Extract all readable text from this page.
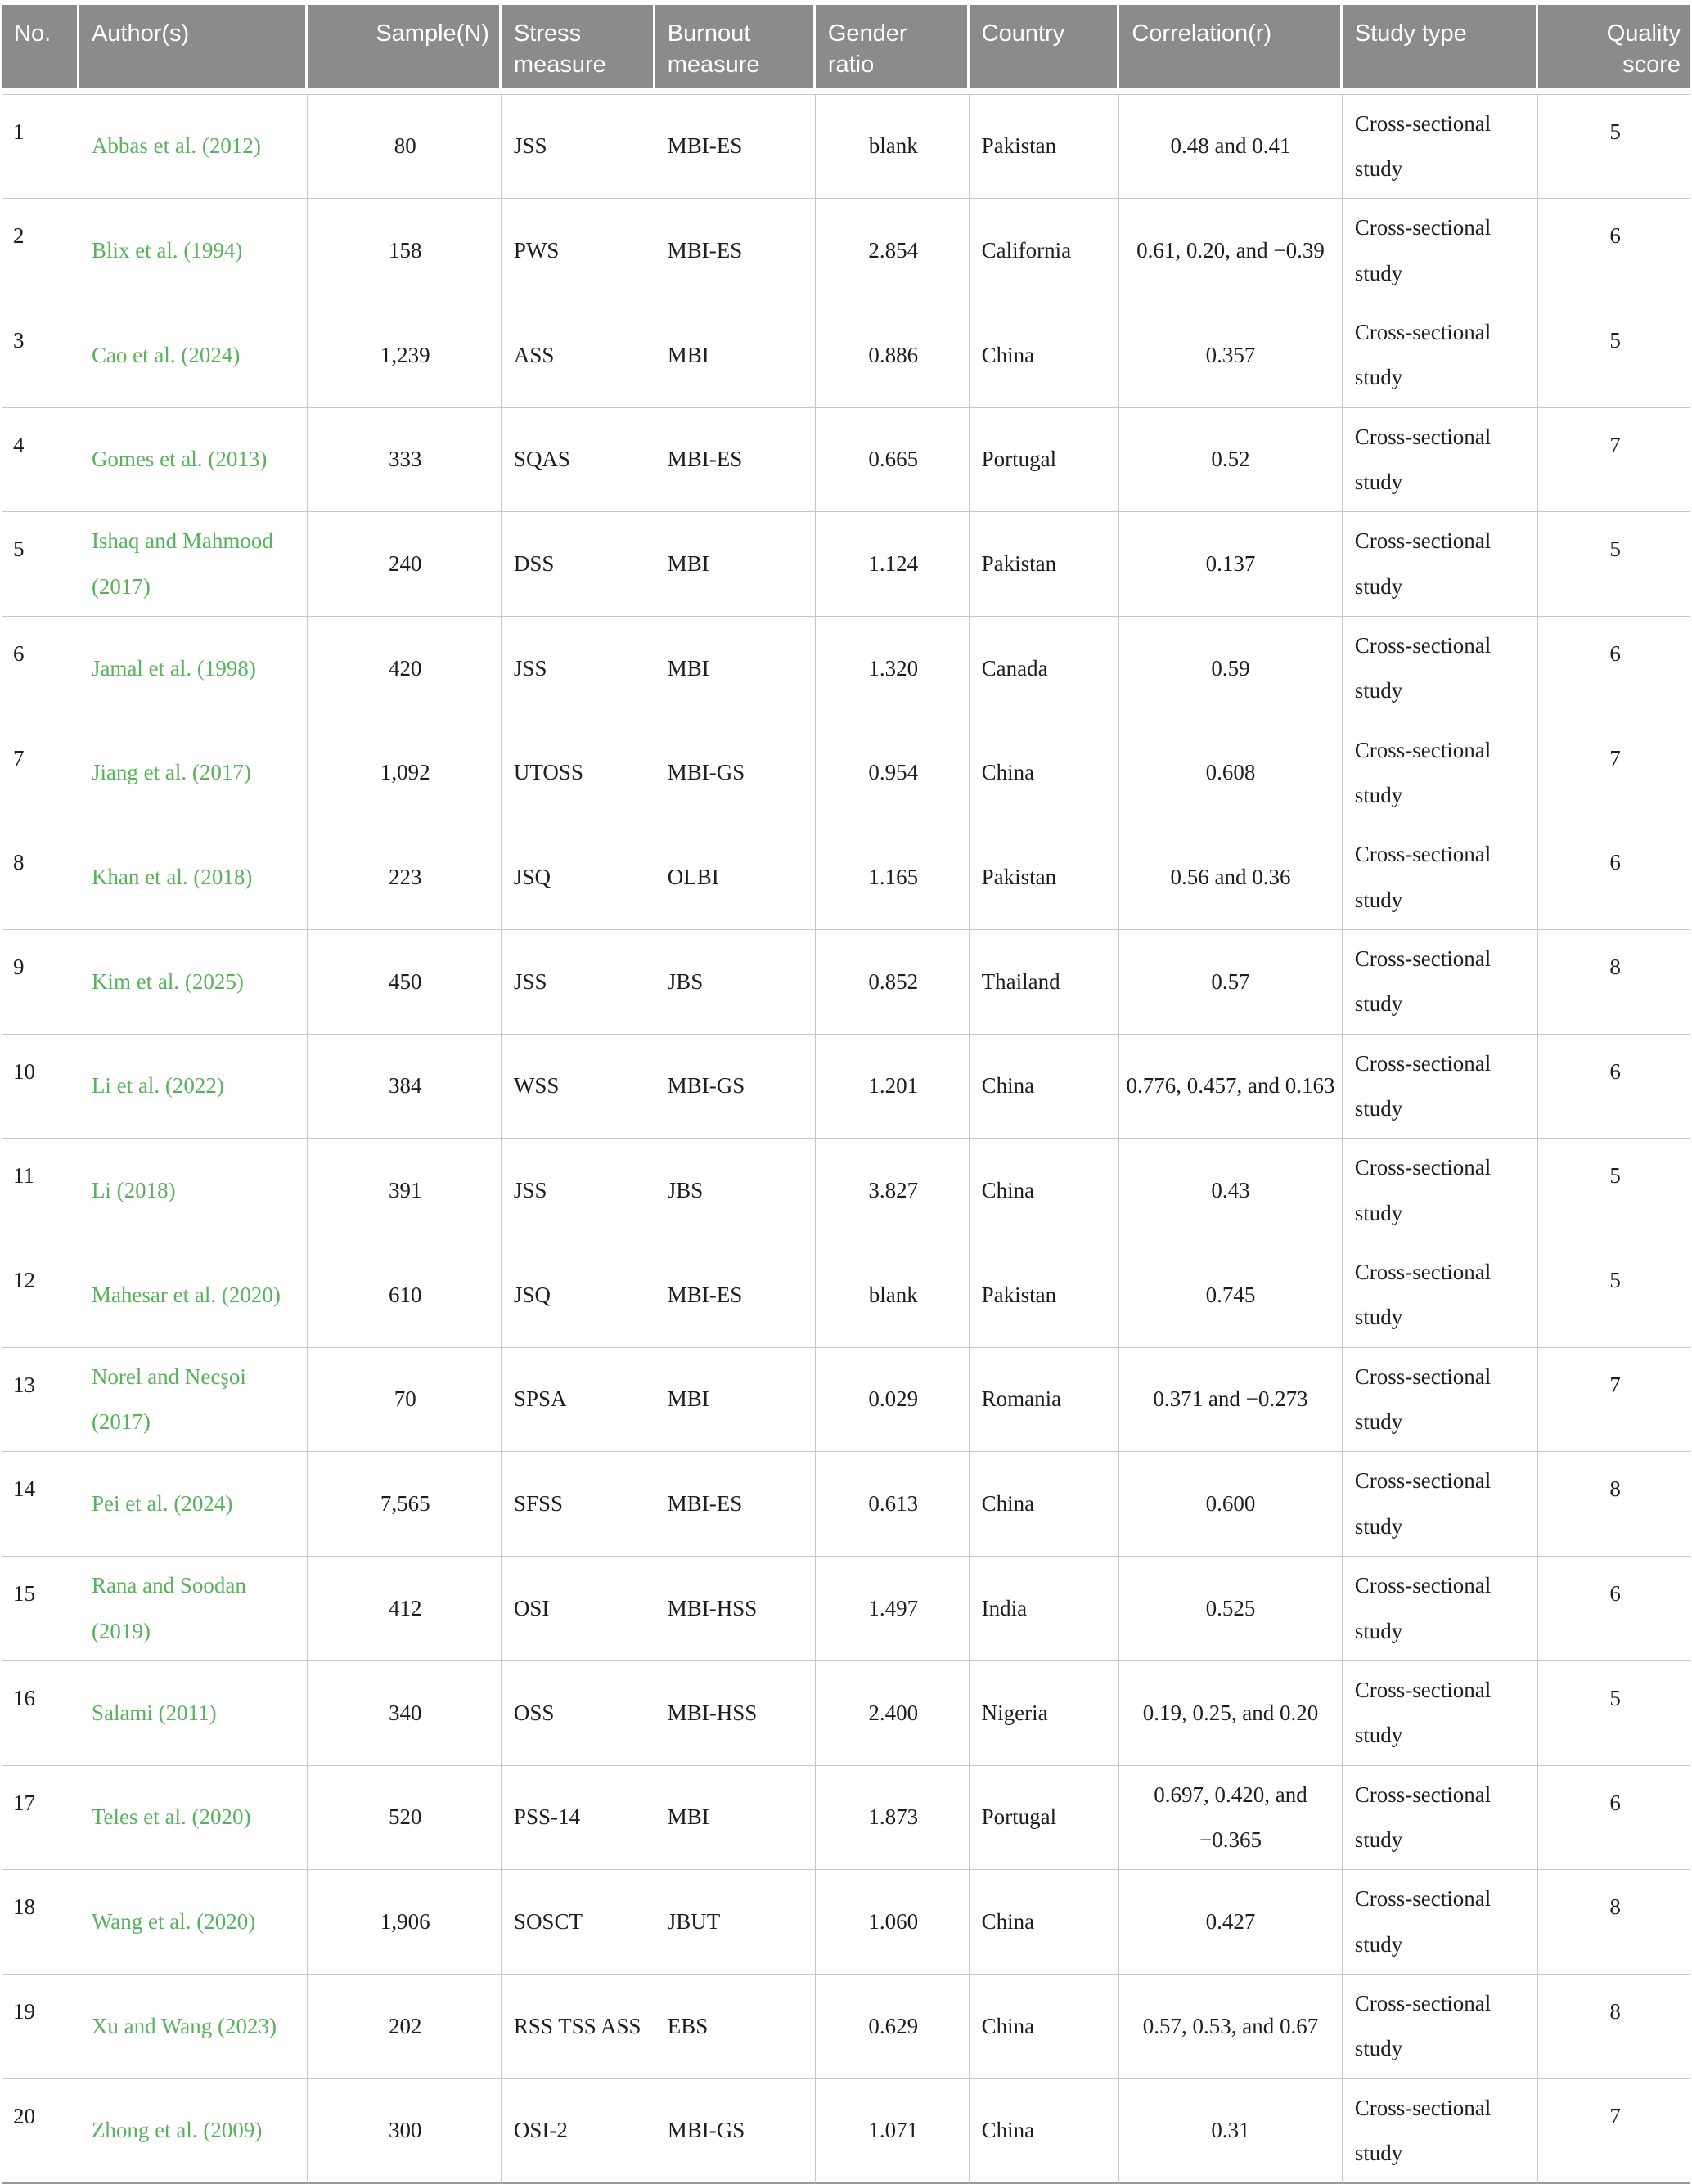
No.	Author(s)	Sample(N)	Stress measure	Burnout measure	Gender ratio	Country	Correlation(r)	Study type	Quality score
1	Abbas et al. (2012)	80	JSS	MBI-ES	blank	Pakistan	0.48 and 0.41	Cross-sectional study	5
2	Blix et al. (1994)	158	PWS	MBI-ES	2.854	California	0.61, 0.20, and −0.39	Cross-sectional study	6
3	Cao et al. (2024)	1,239	ASS	MBI	0.886	China	0.357	Cross-sectional study	5
4	Gomes et al. (2013)	333	SQAS	MBI-ES	0.665	Portugal	0.52	Cross-sectional study	7
5	Ishaq and Mahmood (2017)	240	DSS	MBI	1.124	Pakistan	0.137	Cross-sectional study	5
6	Jamal et al. (1998)	420	JSS	MBI	1.320	Canada	0.59	Cross-sectional study	6
7	Jiang et al. (2017)	1,092	UTOSS	MBI-GS	0.954	China	0.608	Cross-sectional study	7
8	Khan et al. (2018)	223	JSQ	OLBI	1.165	Pakistan	0.56 and 0.36	Cross-sectional study	6
9	Kim et al. (2025)	450	JSS	JBS	0.852	Thailand	0.57	Cross-sectional study	8
10	Li et al. (2022)	384	WSS	MBI-GS	1.201	China	0.776, 0.457, and 0.163	Cross-sectional study	6
11	Li (2018)	391	JSS	JBS	3.827	China	0.43	Cross-sectional study	5
12	Mahesar et al. (2020)	610	JSQ	MBI-ES	blank	Pakistan	0.745	Cross-sectional study	5
13	Norel and Necşoi (2017)	70	SPSA	MBI	0.029	Romania	0.371 and −0.273	Cross-sectional study	7
14	Pei et al. (2024)	7,565	SFSS	MBI-ES	0.613	China	0.600	Cross-sectional study	8
15	Rana and Soodan (2019)	412	OSI	MBI-HSS	1.497	India	0.525	Cross-sectional study	6
16	Salami (2011)	340	OSS	MBI-HSS	2.400	Nigeria	0.19, 0.25, and 0.20	Cross-sectional study	5
17	Teles et al. (2020)	520	PSS-14	MBI	1.873	Portugal	0.697, 0.420, and −0.365	Cross-sectional study	6
18	Wang et al. (2020)	1,906	SOSCT	JBUT	1.060	China	0.427	Cross-sectional study	8
19	Xu and Wang (2023)	202	RSS TSS ASS	EBS	0.629	China	0.57, 0.53, and 0.67	Cross-sectional study	8
20	Zhong et al. (2009)	300	OSI-2	MBI-GS	1.071	China	0.31	Cross-sectional study	7
